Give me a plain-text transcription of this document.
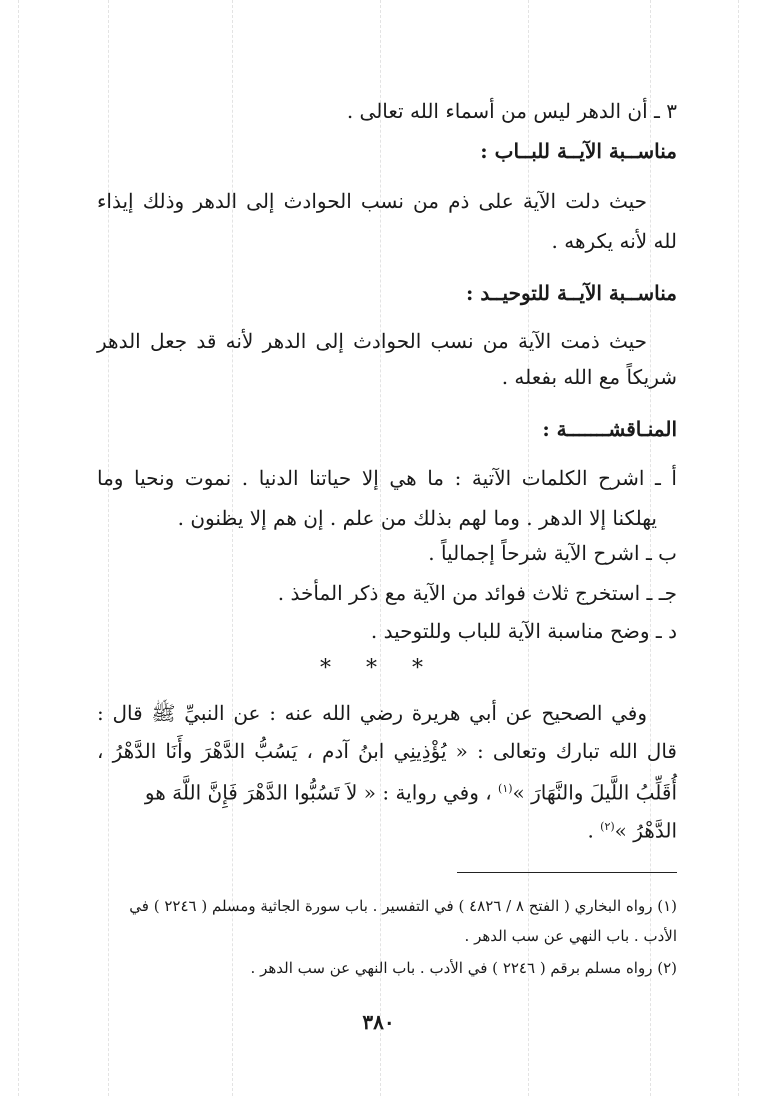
٣ ـ أن الدهر ليس من أسماء الله تعالى .
مناســبة الآيــة للبــاب :
حيث دلت الآية على ذم من نسب الحوادث إلى الدهر وذلك إيذاء
لله لأنه يكرهه .
مناســبة الآيــة للتوحيــد :
حيث ذمت الآية من نسب الحوادث إلى الدهر لأنه قد جعل الدهر
شريكاً مع الله بفعله .
المنـاقشـــــــة :
أ ـ اشرح الكلمات الآتية : ما هي إلا حياتنا الدنيا . نموت ونحيا وما
يهلكنا إلا الدهر . وما لهم بذلك من علم . إن هم إلا يظنون .
ب ـ اشرح الآية شرحاً إجمالياً .
جـ ـ استخرج ثلاث فوائد من الآية مع ذكر المأخذ .
د ـ وضح مناسبة الآية للباب وللتوحيد .
وفي الصحيح عن أبي هريرة رضي الله عنه : عن النبيِّ ﷺ قال :
قال الله تبارك وتعالى : « يُؤْذِينِي ابنُ آدم ، يَسُبُّ الدَّهْرَ وأَنَا الدَّهْرُ ،
أُقَلِّبُ اللَّيلَ والنَّهَارَ »$^{(١)}$ ، وفي رواية : « لاَ تَسُبُّوا الدَّهْرَ فَإِنَّ اللَّهَ هو
الدَّهْرُ »$^{(٢)}$ .
(١) رواه البخاري ( الفتح ٨ / ٤٨٢٦ ) في التفسير . باب سورة الجاثية ومسلم ( ٢٢٤٦ ) في
الأدب . باب النهي عن سب الدهر .
(٢) رواه مسلم برقم ( ٢٢٤٦ ) في الأدب . باب النهي عن سب الدهر .
* * *
٣٨٠
